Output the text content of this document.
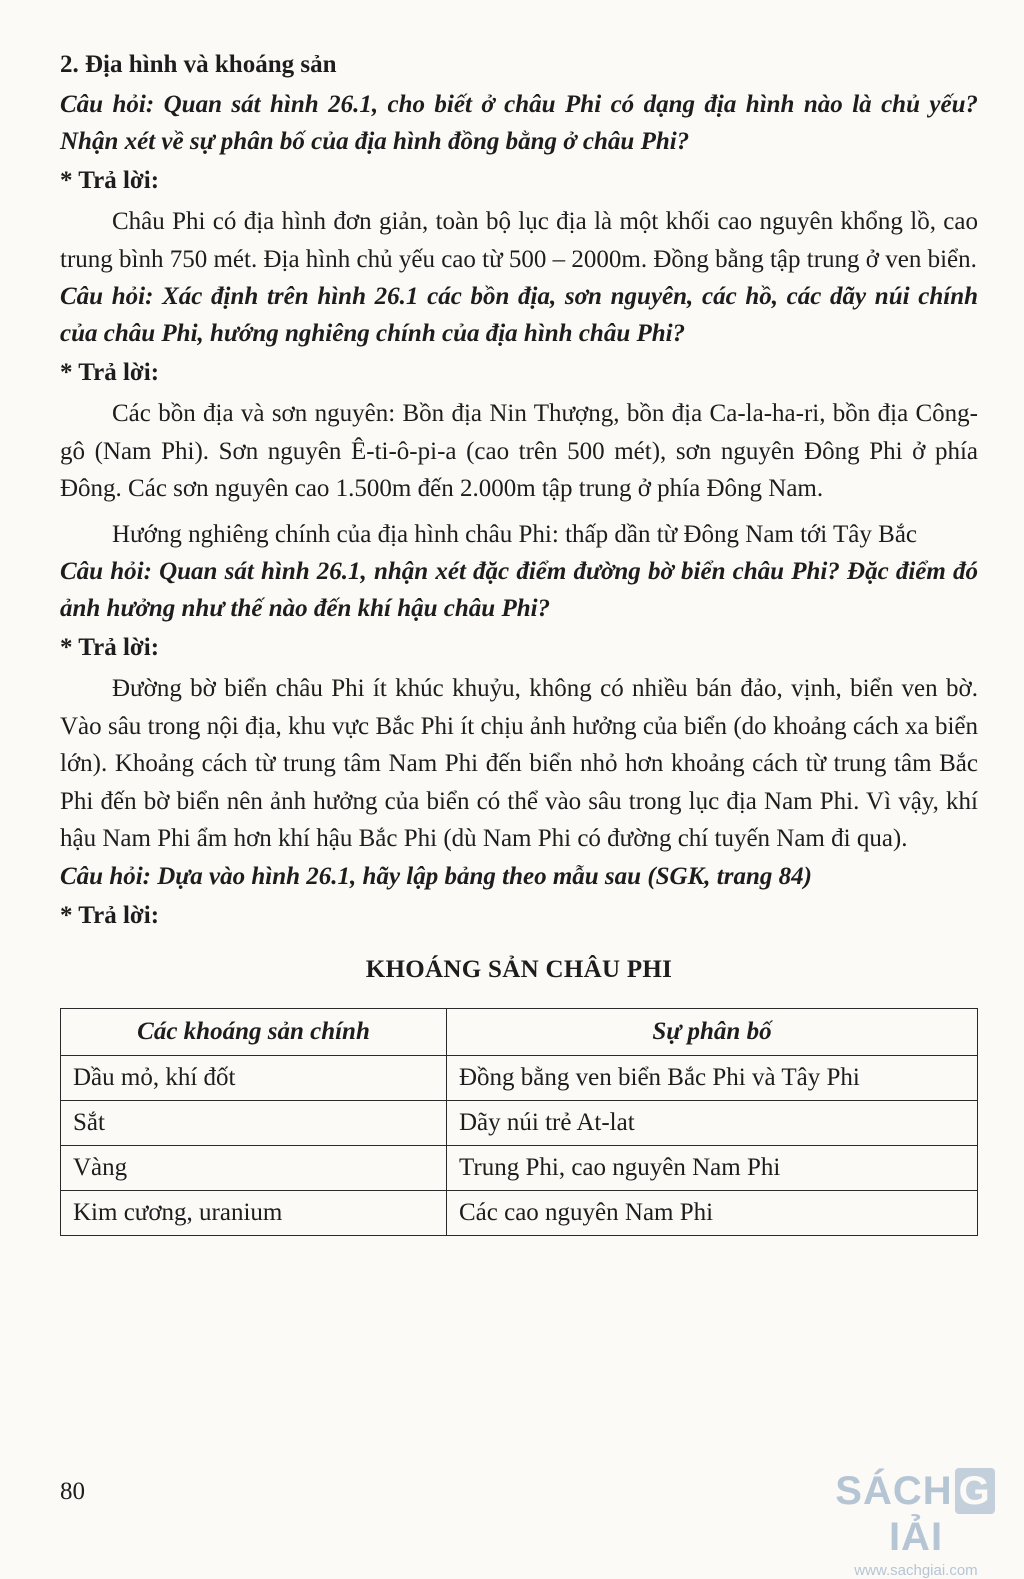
2. Địa hình và khoáng sản

Câu hỏi: Quan sát hình 26.1, cho biết ở châu Phi có dạng địa hình nào là chủ yếu? Nhận xét về sự phân bố của địa hình đồng bằng ở châu Phi?

* Trả lời:

Châu Phi có địa hình đơn giản, toàn bộ lục địa là một khối cao nguyên khổng lồ, cao trung bình 750 mét. Địa hình chủ yếu cao từ 500 – 2000m. Đồng bằng tập trung ở ven biển.

Câu hỏi: Xác định trên hình 26.1 các bồn địa, sơn nguyên, các hồ, các dãy núi chính của châu Phi, hướng nghiêng chính của địa hình châu Phi?

* Trả lời:

Các bồn địa và sơn nguyên: Bồn địa Nin Thượng, bồn địa Ca-la-ha-ri, bồn địa Công-gô (Nam Phi). Sơn nguyên Ê-ti-ô-pi-a (cao trên 500 mét), sơn nguyên Đông Phi ở phía Đông. Các sơn nguyên cao 1.500m đến 2.000m tập trung ở phía Đông Nam.

Hướng nghiêng chính của địa hình châu Phi: thấp dần từ Đông Nam tới Tây Bắc

Câu hỏi: Quan sát hình 26.1, nhận xét đặc điểm đường bờ biển châu Phi? Đặc điểm đó ảnh hưởng như thế nào đến khí hậu châu Phi?

* Trả lời:

Đường bờ biển châu Phi ít khúc khuỷu, không có nhiều bán đảo, vịnh, biển ven bờ. Vào sâu trong nội địa, khu vực Bắc Phi ít chịu ảnh hưởng của biển (do khoảng cách xa biển lớn). Khoảng cách từ trung tâm Nam Phi đến biển nhỏ hơn khoảng cách từ trung tâm Bắc Phi đến bờ biển nên ảnh hưởng của biển có thể vào sâu trong lục địa Nam Phi. Vì vậy, khí hậu Nam Phi ẩm hơn khí hậu Bắc Phi (dù Nam Phi có đường chí tuyến Nam đi qua).

Câu hỏi: Dựa vào hình 26.1, hãy lập bảng theo mẫu sau (SGK, trang 84)

* Trả lời:

KHOÁNG SẢN CHÂU PHI

Các khoáng sản chính	Sự phân bố
Dầu mỏ, khí đốt	Đồng bằng ven biển Bắc Phi và Tây Phi
Sắt	Dãy núi trẻ At-lat
Vàng	Trung Phi, cao nguyên Nam Phi
Kim cương, uranium	Các cao nguyên Nam Phi
80	SÁCH GIẢI
www.sachgiai.com
